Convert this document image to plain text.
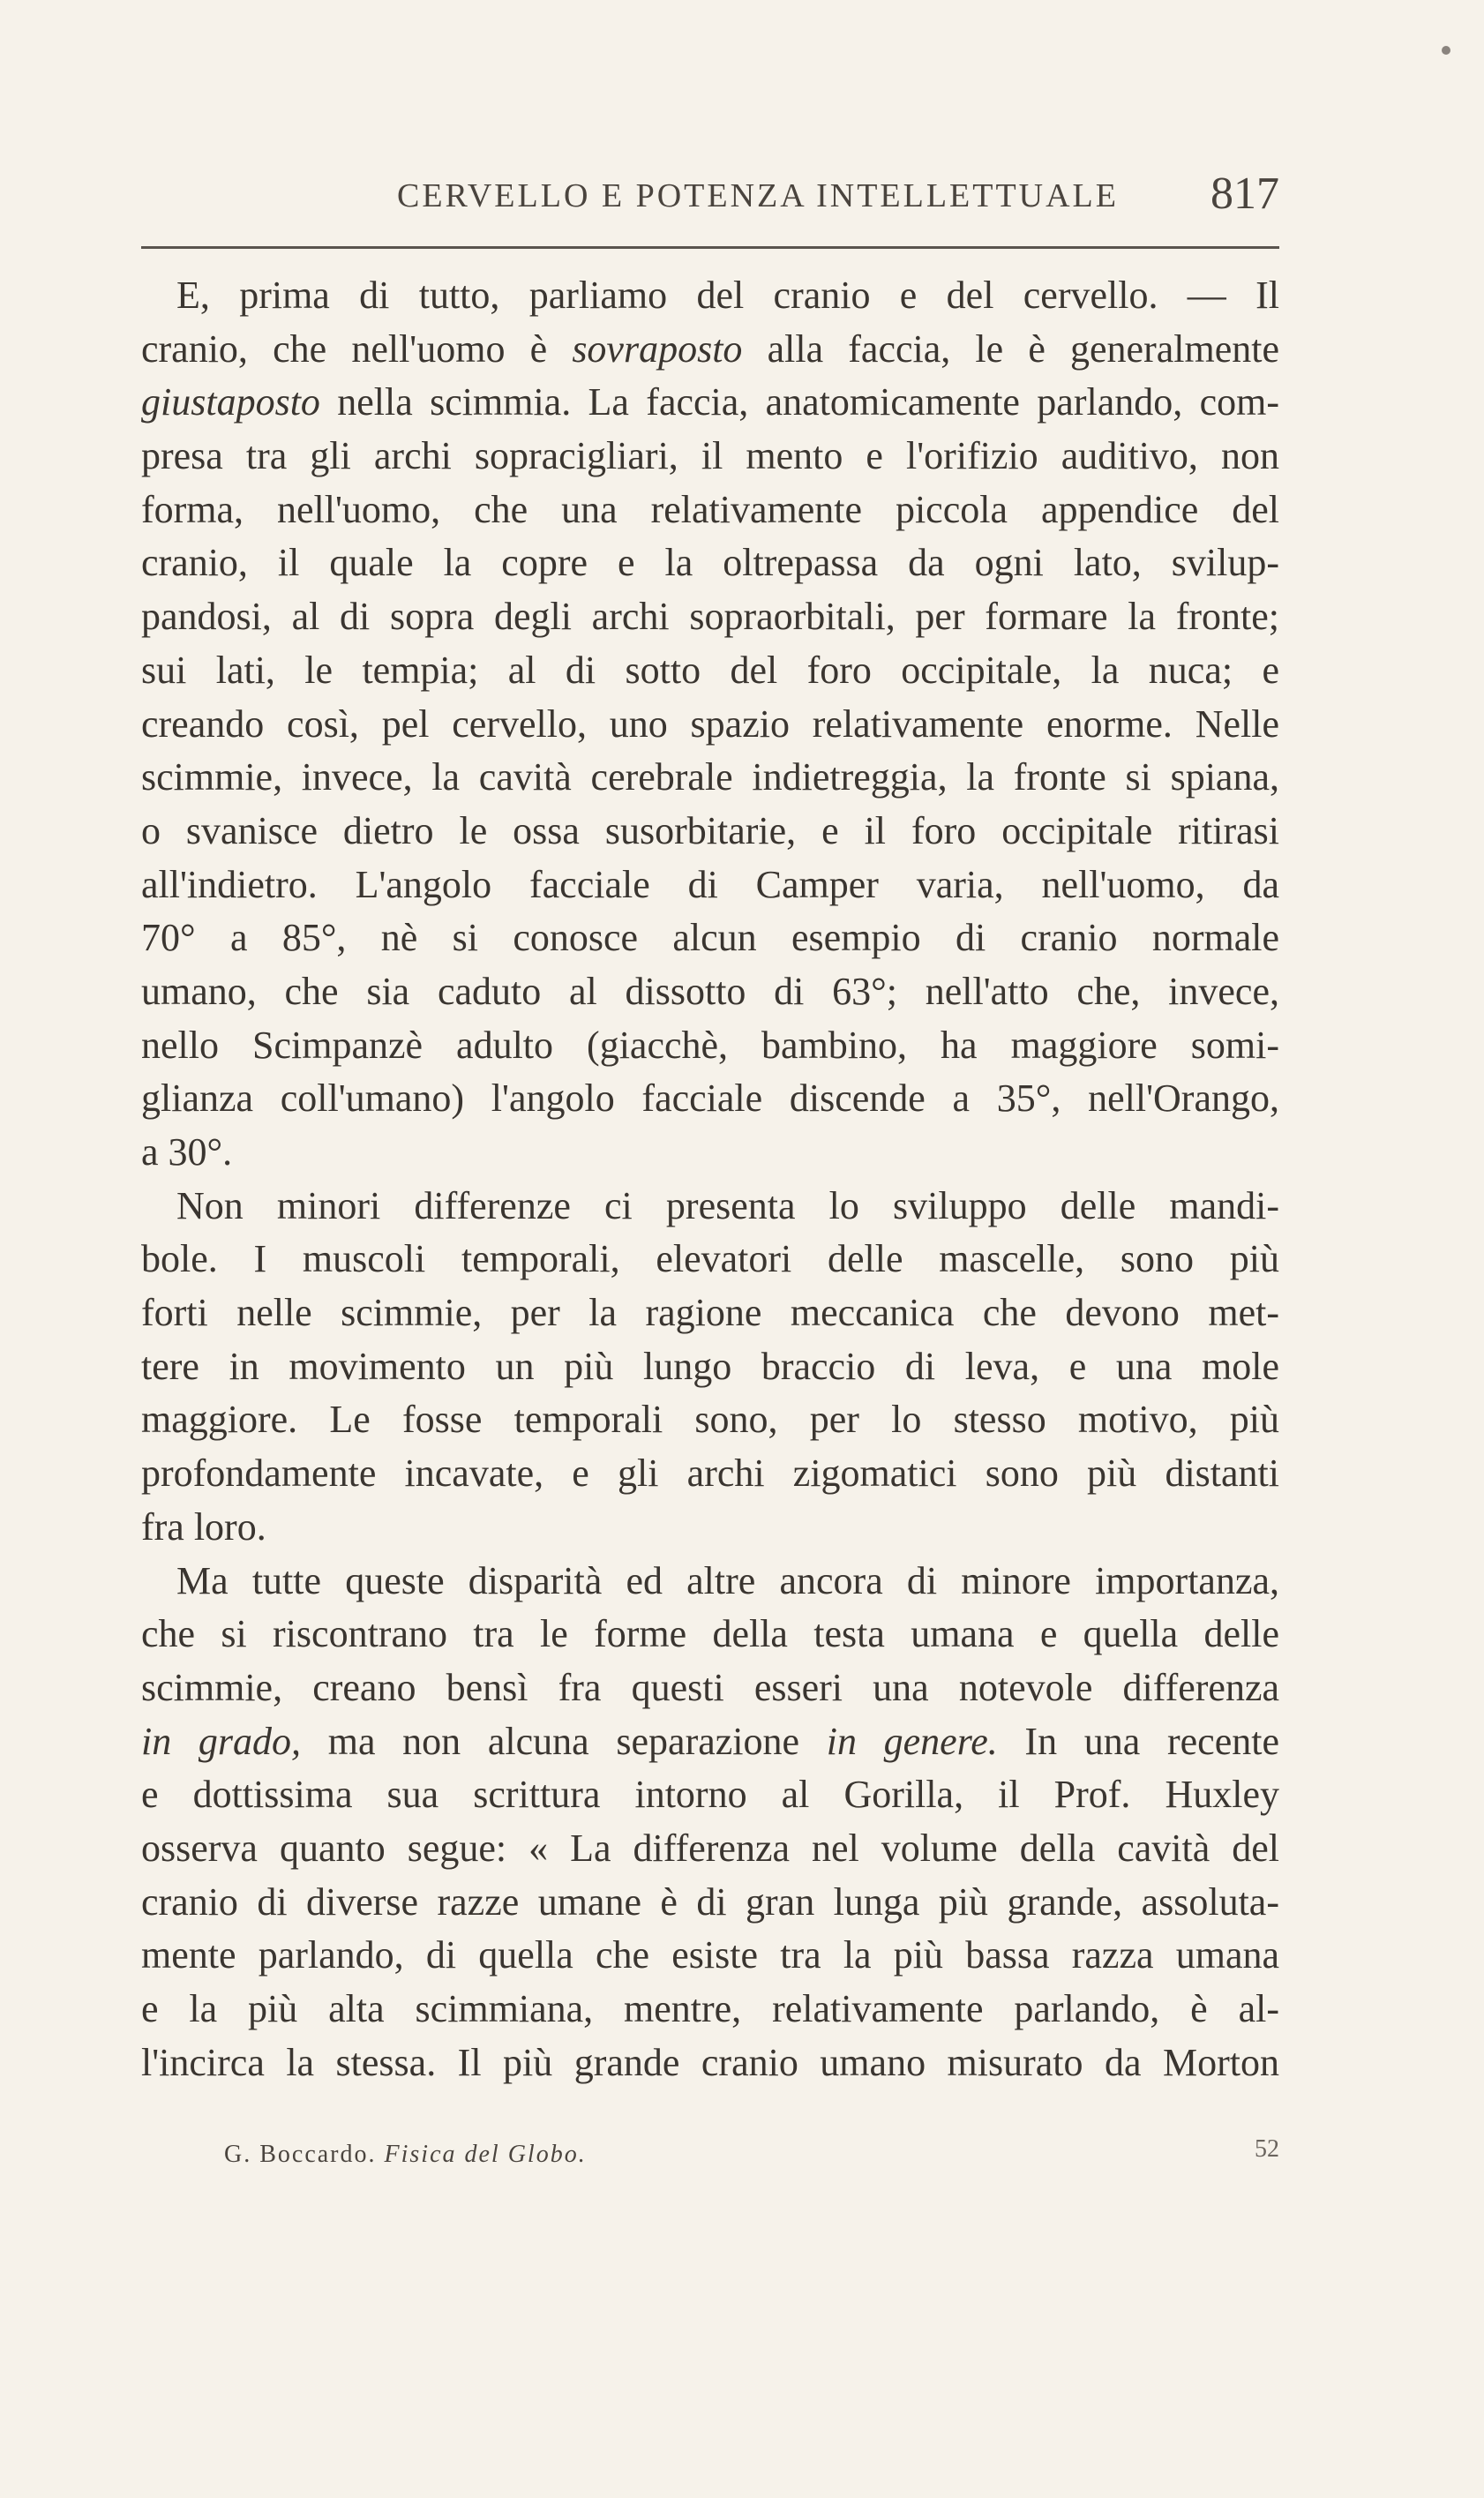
CERVELLO E POTENZA INTELLETTUALE 817
E, prima di tutto, parliamo del cranio e del cervello. — Il
cranio, che nell'uomo è sovraposto alla faccia, le è generalmente
giustaposto nella scimmia. La faccia, anatomicamente parlando, com-
presa tra gli archi sopracigliari, il mento e l'orifizio auditivo, non
forma, nell'uomo, che una relativamente piccola appendice del
cranio, il quale la copre e la oltrepassa da ogni lato, svilup-
pandosi, al di sopra degli archi sopraorbitali, per formare la fronte;
sui lati, le tempia; al di sotto del foro occipitale, la nuca; e
creando così, pel cervello, uno spazio relativamente enorme. Nelle
scimmie, invece, la cavità cerebrale indietreggia, la fronte si spiana,
o svanisce dietro le ossa susorbitarie, e il foro occipitale ritirasi
all'indietro. L'angolo facciale di Camper varia, nell'uomo, da
70° a 85°, nè si conosce alcun esempio di cranio normale
umano, che sia caduto al dissotto di 63°; nell'atto che, invece,
nello Scimpanzè adulto (giacchè, bambino, ha maggiore somi-
glianza coll'umano) l'angolo facciale discende a 35°, nell'Orango,
a 30°.
Non minori differenze ci presenta lo sviluppo delle mandi-
bole. I muscoli temporali, elevatori delle mascelle, sono più
forti nelle scimmie, per la ragione meccanica che devono met-
tere in movimento un più lungo braccio di leva, e una mole
maggiore. Le fosse temporali sono, per lo stesso motivo, più
profondamente incavate, e gli archi zigomatici sono più distanti
fra loro.
Ma tutte queste disparità ed altre ancora di minore importanza,
che si riscontrano tra le forme della testa umana e quella delle
scimmie, creano bensì fra questi esseri una notevole differenza
in grado, ma non alcuna separazione in genere. In una recente
e dottissima sua scrittura intorno al Gorilla, il Prof. Huxley
osserva quanto segue: « La differenza nel volume della cavità del
cranio di diverse razze umane è di gran lunga più grande, assoluta-
mente parlando, di quella che esiste tra la più bassa razza umana
e la più alta scimmiana, mentre, relativamente parlando, è al-
l'incirca la stessa. Il più grande cranio umano misurato da Morton
G. Boccardo. Fisica del Globo.	52
